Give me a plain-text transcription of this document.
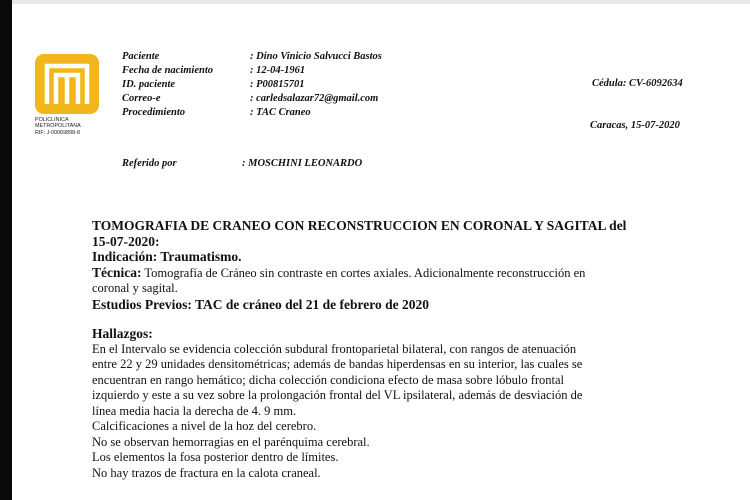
POLICLINICA
METROPOLITANA
RIF: J-00069898-8
Paciente
Fecha de nacimiento
ID. paciente
Correo-e
Procedimiento
: Dino Vinicio Salvucci Bastos
: 12-04-1961
: P00815701
: carledsalazar72@gmail.com
: TAC Craneo
Cédula: CV-6092634
Caracas, 15-07-2020
Referido por	: MOSCHINI LEONARDO

TOMOGRAFIA DE CRANEO CON RECONSTRUCCION EN CORONAL Y SAGITAL del

15-07-2020:

Indicación: Traumatismo.

Técnica: Tomografía de Cráneo sin contraste en cortes axiales. Adicionalmente reconstrucción en

coronal y sagital.

Estudios Previos: TAC de cráneo del 21 de febrero de 2020

Hallazgos:

En el Intervalo se evidencia colección subdural frontoparietal bilateral, con rangos de atenuación

entre 22 y 29 unidades densitométricas; además de bandas hiperdensas en su interior, las cuales se

encuentran en rango hemático; dicha colección condiciona efecto de masa sobre lóbulo frontal

izquierdo y este a su vez sobre la prolongación frontal del VL ipsilateral, además de desviación de

línea media hacia la derecha de 4. 9 mm.

Calcificaciones a nivel de la hoz del cerebro.

No se observan hemorragias en el parénquima cerebral.

Los elementos la fosa posterior dentro de límites.

No hay trazos de fractura en la calota craneal.
